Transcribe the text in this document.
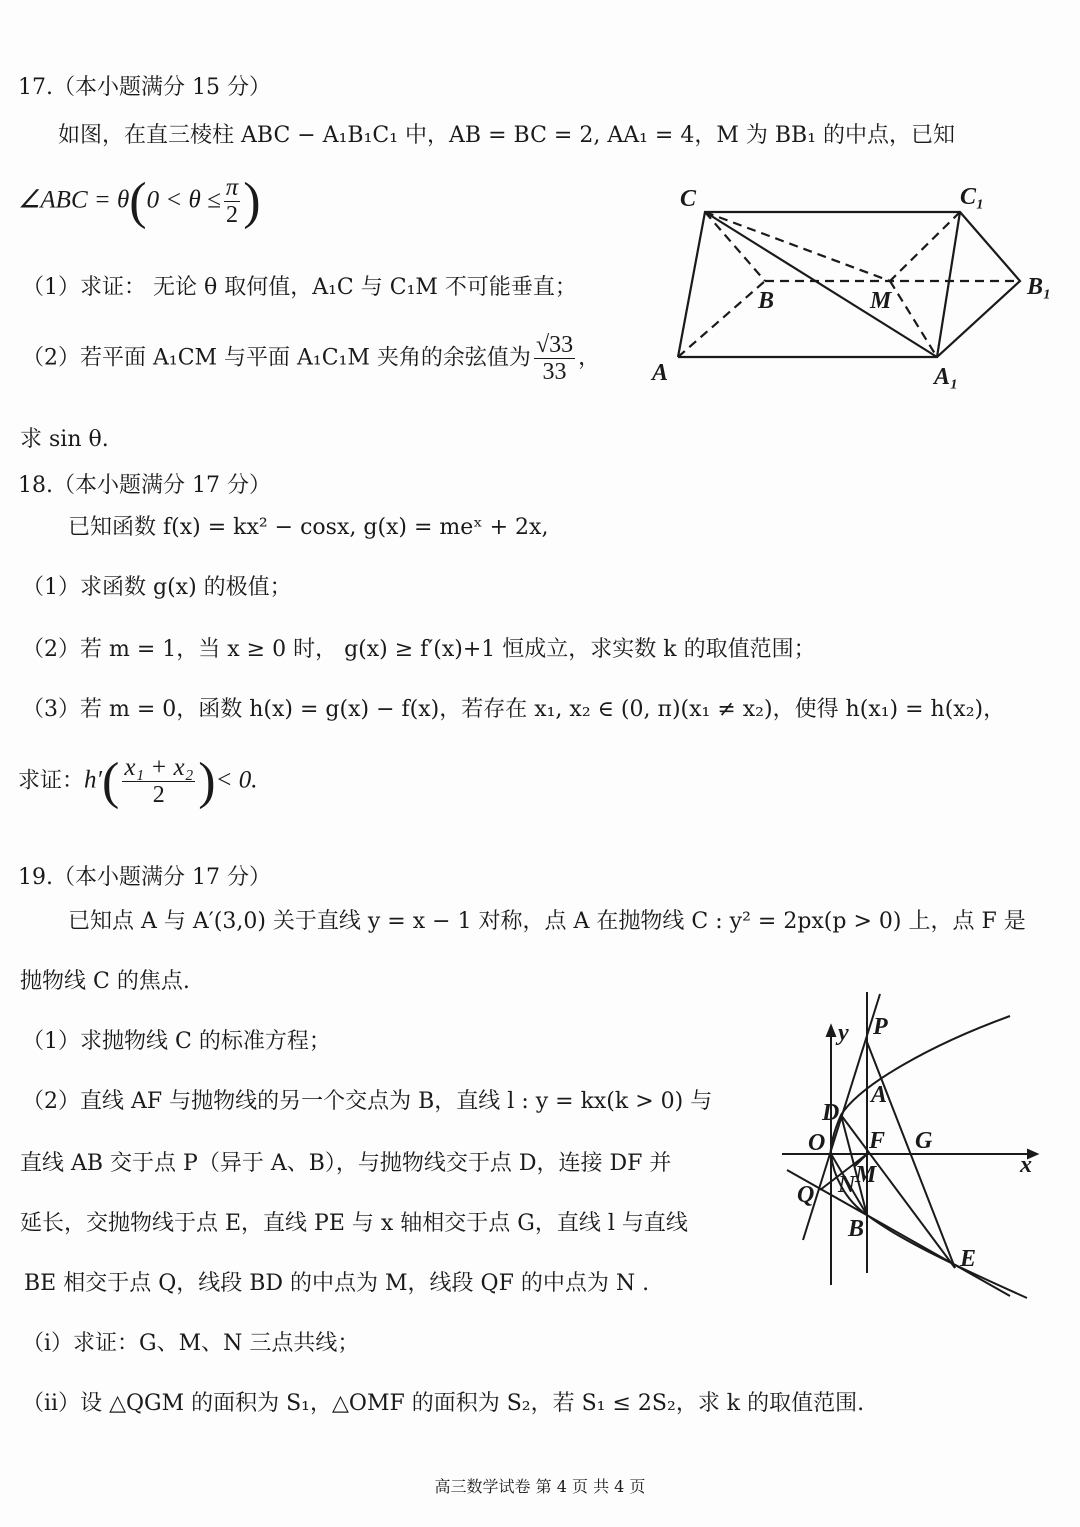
17.（本小题满分 15 分）
如图，在直三棱柱 ABC − A₁B₁C₁ 中，AB = BC = 2, AA₁ = 4，M 为 BB₁ 的中点，已知
∠ABC = $\theta(0 < \theta \le \frac{\pi}{2}$ )
（1）求证： 无论 θ 取何值，A₁C 与 C₁M 不可能垂直；
（2）若平面 A₁CM 与平面 A₁C₁M 夹角的余弦值为 $\frac{√33}{33}$ ，
求 sin θ.
18.（本小题满分 17 分）
已知函数 f(x) = kx² − cosx, g(x) = meˣ + 2x,
（1）求函数 g(x) 的极值；
（2）若 m = 1，当 x ≥ 0 时， g(x) ≥ f′(x)+1 恒成立，求实数 k 的取值范围；
（3）若 m = 0，函数 h(x) = g(x) − f(x)，若存在 x₁, x₂ ∈ (0, π)(x₁ ≠ x₂)，使得 h(x₁) = h(x₂)，
求证：$h'( \frac{\text{x₁ + x₂}}{2}$ )< 0.
19.（本小题满分 17 分）
已知点 A 与 A′(3,0) 关于直线 y = x − 1 对称，点 A 在抛物线 C : y² = 2px(p > 0) 上，点 F 是
抛物线 C 的焦点.
（1）求抛物线 C 的标准方程；
（2）直线 AF 与抛物线的另一个交点为 B，直线 l : y = kx(k > 0) 与
直线 AB 交于点 P（异于 A、B），与抛物线交于点 D，连接 DF 并
延长，交抛物线于点 E，直线 PE 与 x 轴相交于点 G，直线 l 与直线
BE 相交于点 Q，线段 BD 的中点为 M，线段 QF 的中点为 N .
（i）求证：G、M、N 三点共线；
（ii）设 △QGM 的面积为 S₁，△OMF 的面积为 S₂，若 S₁ ≤ 2S₂，求 k 的取值范围.
C	C₁
B	M
B₁
A	A₁
y P
A
D
O F G
x
M
N
Q
B
E
高三数学试卷 第 4 页 共 4 页
